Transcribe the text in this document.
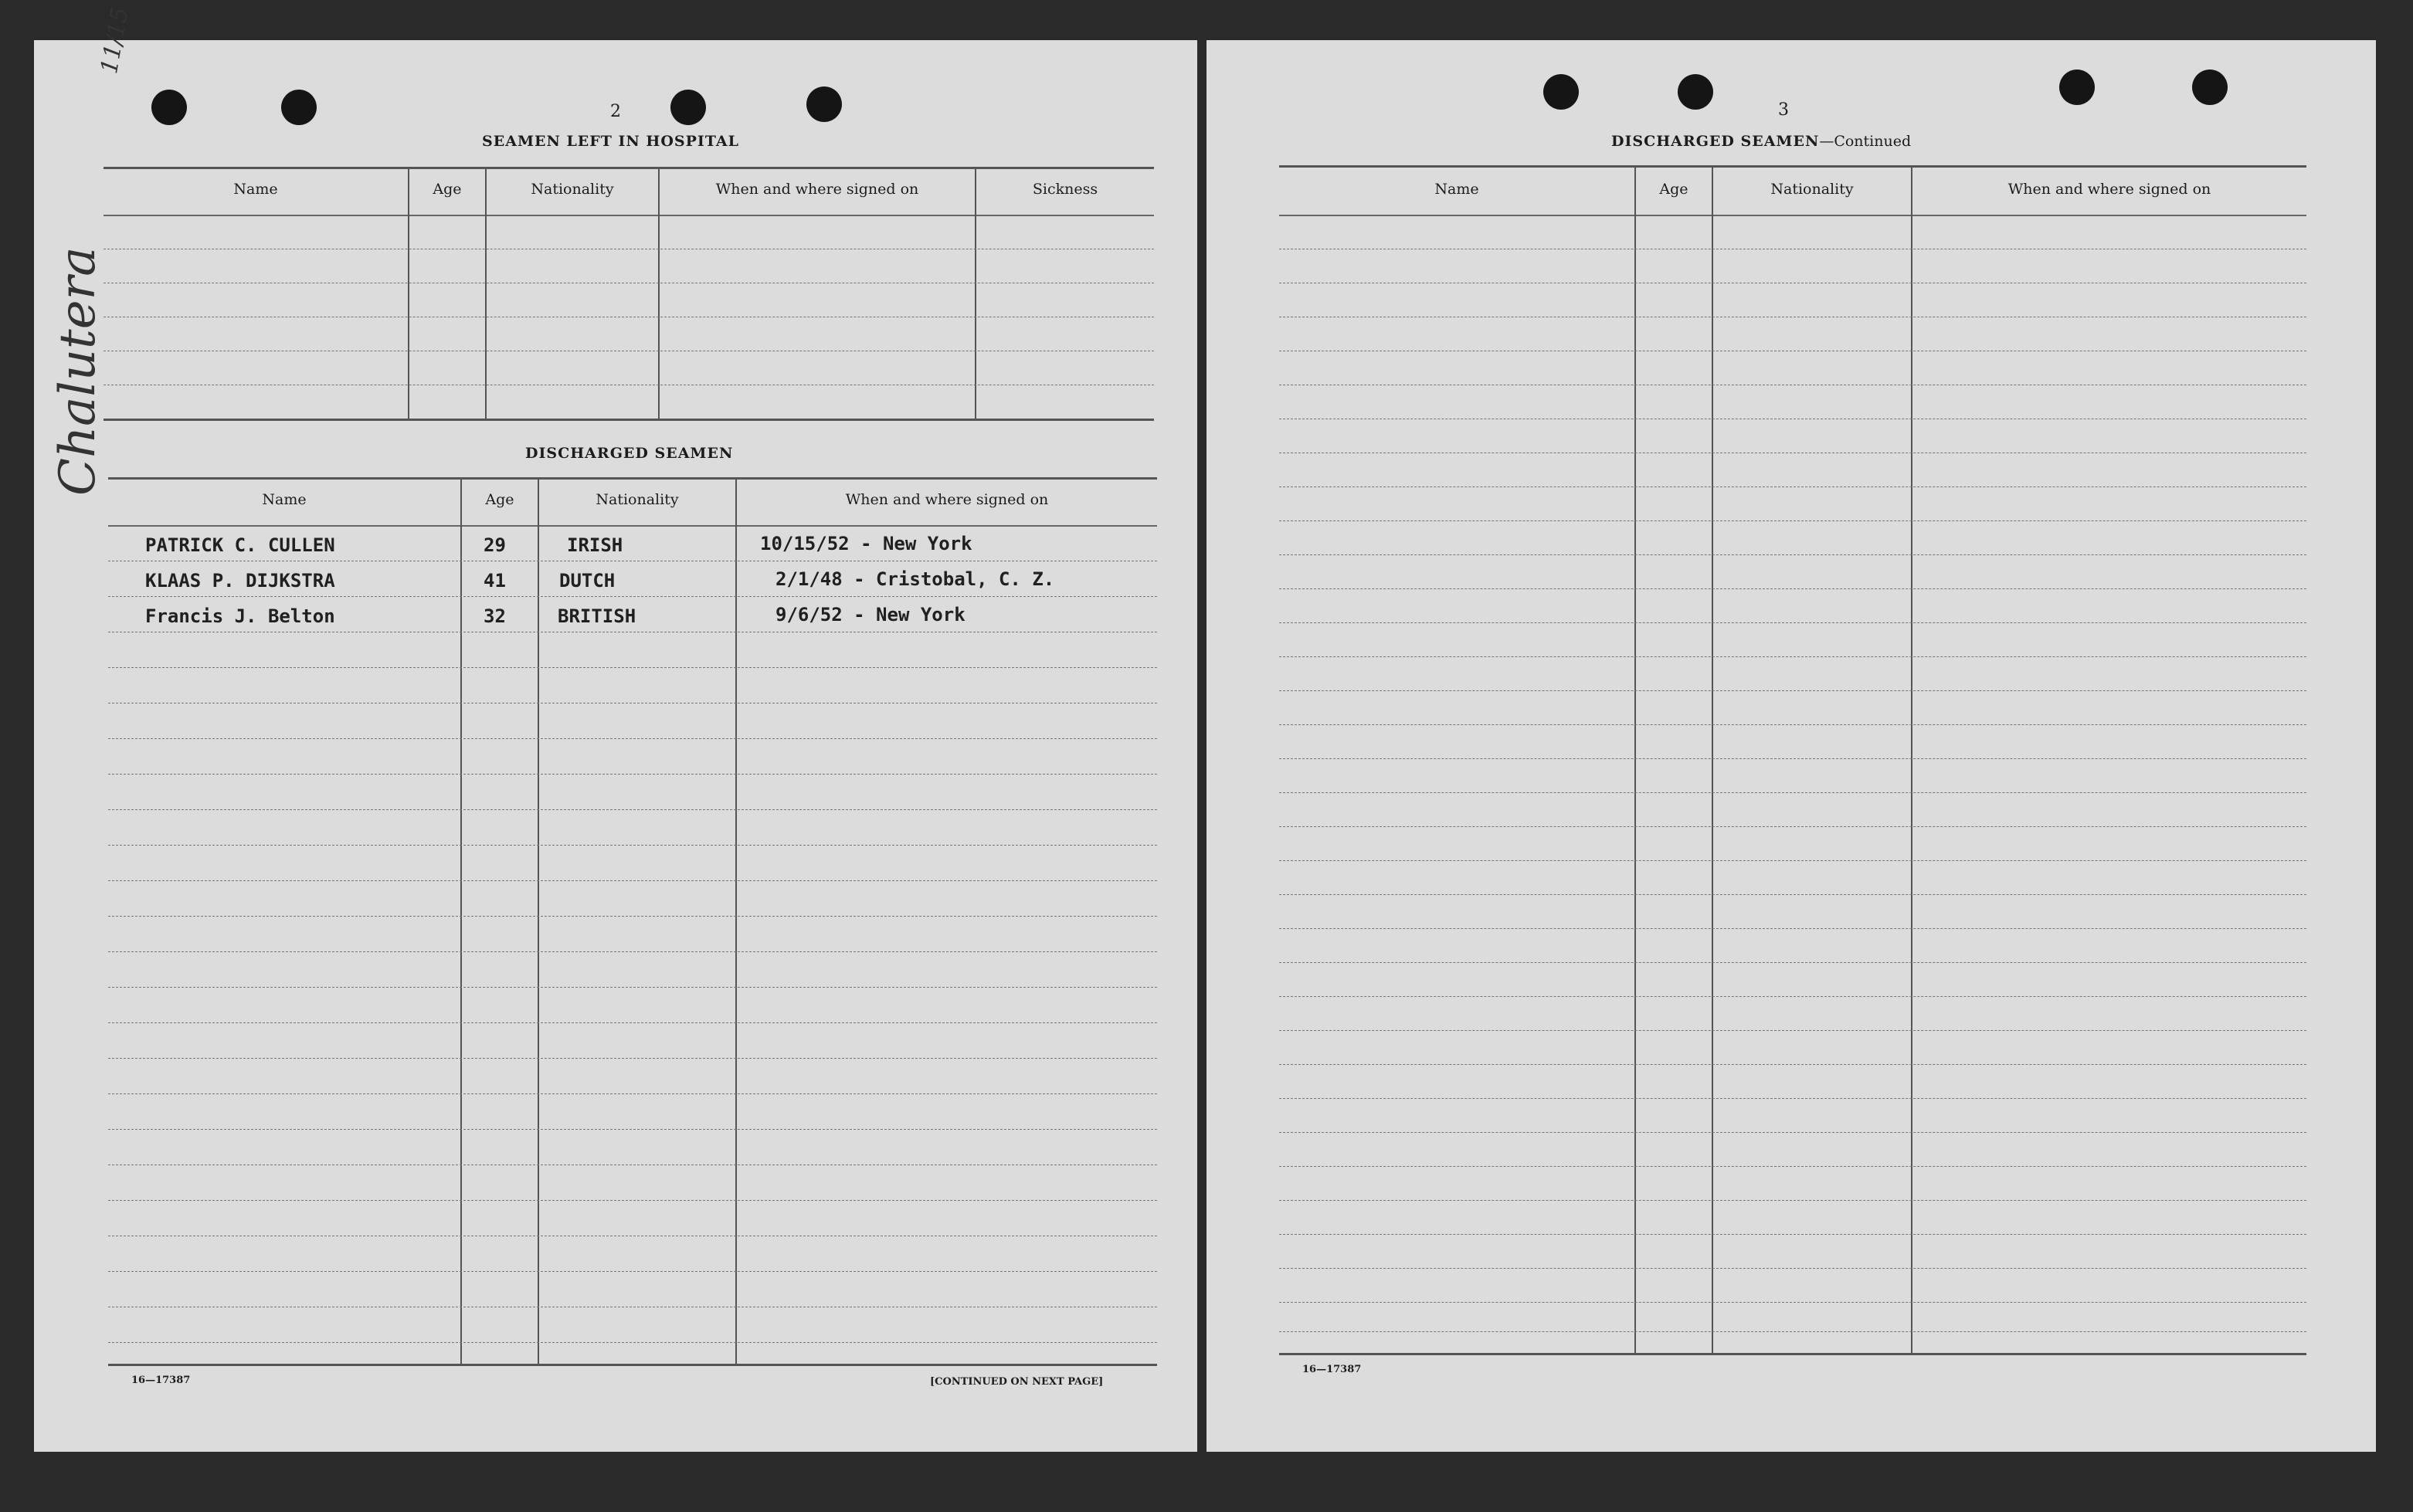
11/15
Chalutera
2
SEAMEN LEFT IN HOSPITAL
Name	Age	Nationality	When and where signed on	Sickness
DISCHARGED SEAMEN
Name	Age	Nationality	When and where signed on
PATRICK C. CULLEN	29	IRISH	10/15/52 - New York
KLAAS P. DIJKSTRA	41	DUTCH	2/1/48 - Cristobal, C. Z.
Francis J. Belton	32	BRITISH	9/6/52 - New York
16—17387	[CONTINUED ON NEXT PAGE]
3
DISCHARGED SEAMEN—Continued
Name	Age	Nationality	When and where signed on
16—17387
